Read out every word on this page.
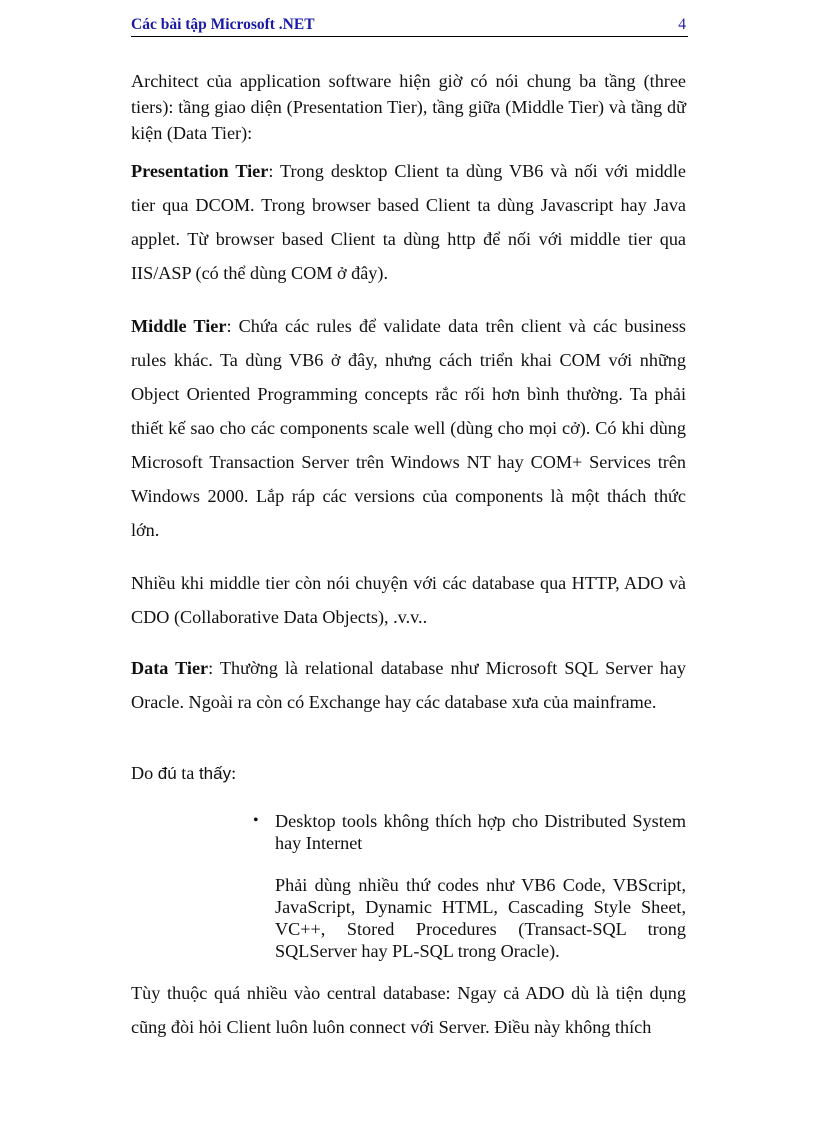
Các bài tập Microsoft .NET	4

Architect của application software hiện giờ có nói chung ba tầng (three tiers): tầng giao diện (Presentation Tier), tầng giữa (Middle Tier) và tầng dữ kiện (Data Tier):

Presentation Tier: Trong desktop Client ta dùng VB6 và nối với middle tier qua DCOM. Trong browser based Client ta dùng Javascript hay Java applet. Từ browser based Client ta dùng http để nối với middle tier qua IIS/ASP (có thể dùng COM ở đây).

Middle Tier: Chứa các rules để validate data trên client và các business rules khác. Ta dùng VB6 ở đây, nhưng cách triển khai COM với những Object Oriented Programming concepts rắc rối hơn bình thường. Ta phải thiết kế sao cho các components scale well (dùng cho mọi cở). Có khi dùng Microsoft Transaction Server trên Windows NT hay COM+ Services trên Windows 2000. Lắp ráp các versions của components là một thách thức lớn.

Nhiều khi middle tier còn nói chuyện với các database qua HTTP, ADO và CDO (Collaborative Data Objects), .v.v..

Data Tier: Thường là relational database như Microsoft SQL Server hay Oracle. Ngoài ra còn có Exchange hay các database xưa của mainframe.

Do đú ta thấy:

• Desktop tools không thích hợp cho Distributed System hay Internet

Phải dùng nhiều thứ codes như VB6 Code, VBScript, JavaScript, Dynamic HTML, Cascading Style Sheet, VC++, Stored Procedures (Transact-SQL trong SQLServer hay PL-SQL trong Oracle).

Tùy thuộc quá nhiều vào central database: Ngay cả ADO dù là tiện dụng cũng đòi hỏi Client luôn luôn connect với Server. Điều này không thích
